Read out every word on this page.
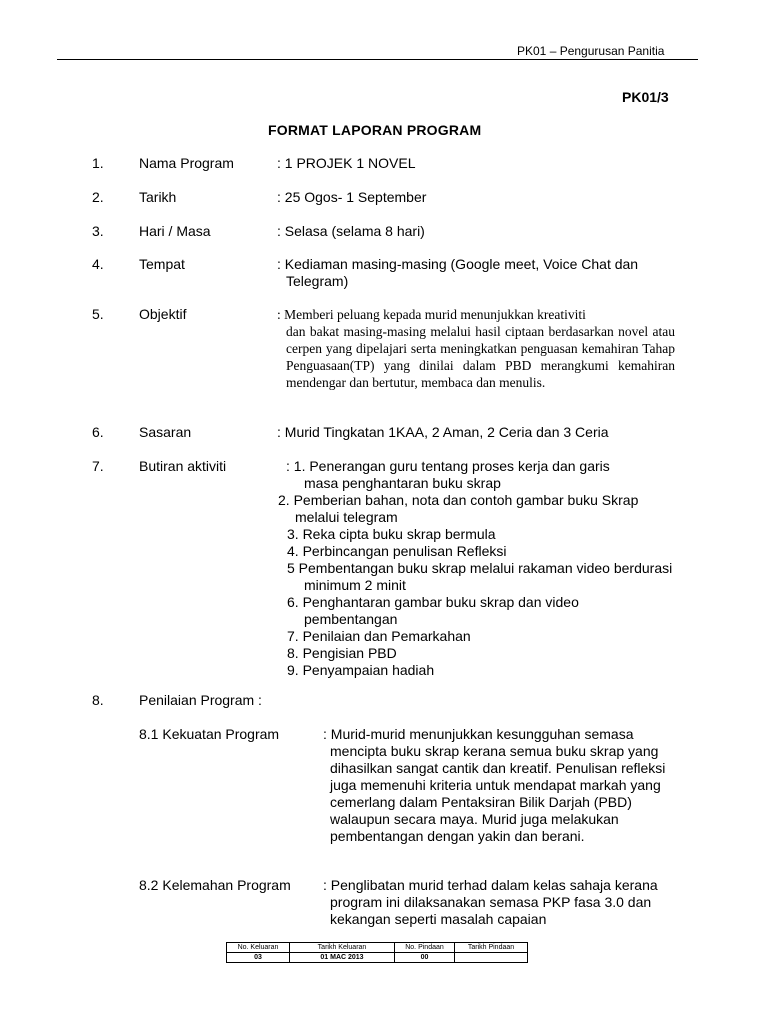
PK01 – Pengurusan Panitia
PK01/3
FORMAT LAPORAN PROGRAM
1.	Nama Program	: 1 PROJEK 1 NOVEL
2.	Tarikh	: 25 Ogos- 1 September
3.	Hari / Masa	: Selasa (selama 8 hari)
4.	Tempat	: Kediaman masing-masing (Google meet, Voice Chat dan Telegram)
5.	Objektif	: Memberi peluang kepada murid menunjukkan kreativiti
dan bakat masing-masing melalui hasil ciptaan berdasarkan novel atau cerpen yang dipelajari serta meningkatkan penguasan kemahiran Tahap Penguasaan(TP) yang dinilai dalam PBD merangkumi kemahiran mendengar dan bertutur, membaca dan menulis.
6.	Sasaran	: Murid Tingkatan 1KAA, 2 Aman, 2 Ceria dan 3 Ceria
7.	Butiran aktiviti	: 1. Penerangan guru tentang proses kerja dan garis masa penghantaran buku skrap
2. Pemberian bahan, nota dan contoh gambar buku Skrap melalui telegram
3. Reka cipta buku skrap bermula
4. Perbincangan penulisan Refleksi
5 Pembentangan buku skrap melalui rakaman video berdurasi minimum 2 minit
6. Penghantaran gambar buku skrap dan video pembentangan
7. Penilaian dan Pemarkahan
8. Pengisian PBD
9. Penyampaian hadiah
8.	Penilaian Program :
8.1 Kekuatan Program	: Murid-murid menunjukkan kesungguhan semasa mencipta buku skrap kerana semua buku skrap yang dihasilkan sangat cantik dan kreatif. Penulisan refleksi juga memenuhi kriteria untuk mendapat markah yang cemerlang dalam Pentaksiran Bilik Darjah (PBD) walaupun secara maya. Murid juga melakukan pembentangan dengan yakin dan berani.
8.2 Kelemahan Program : Penglibatan murid terhad dalam kelas sahaja kerana program ini dilaksanakan semasa PKP fasa 3.0 dan kekangan seperti masalah capaian
No. Keluaran	Tarikh Keluaran	No. Pindaan	Tarikh Pindaan
03	01 MAC 2013	00	
